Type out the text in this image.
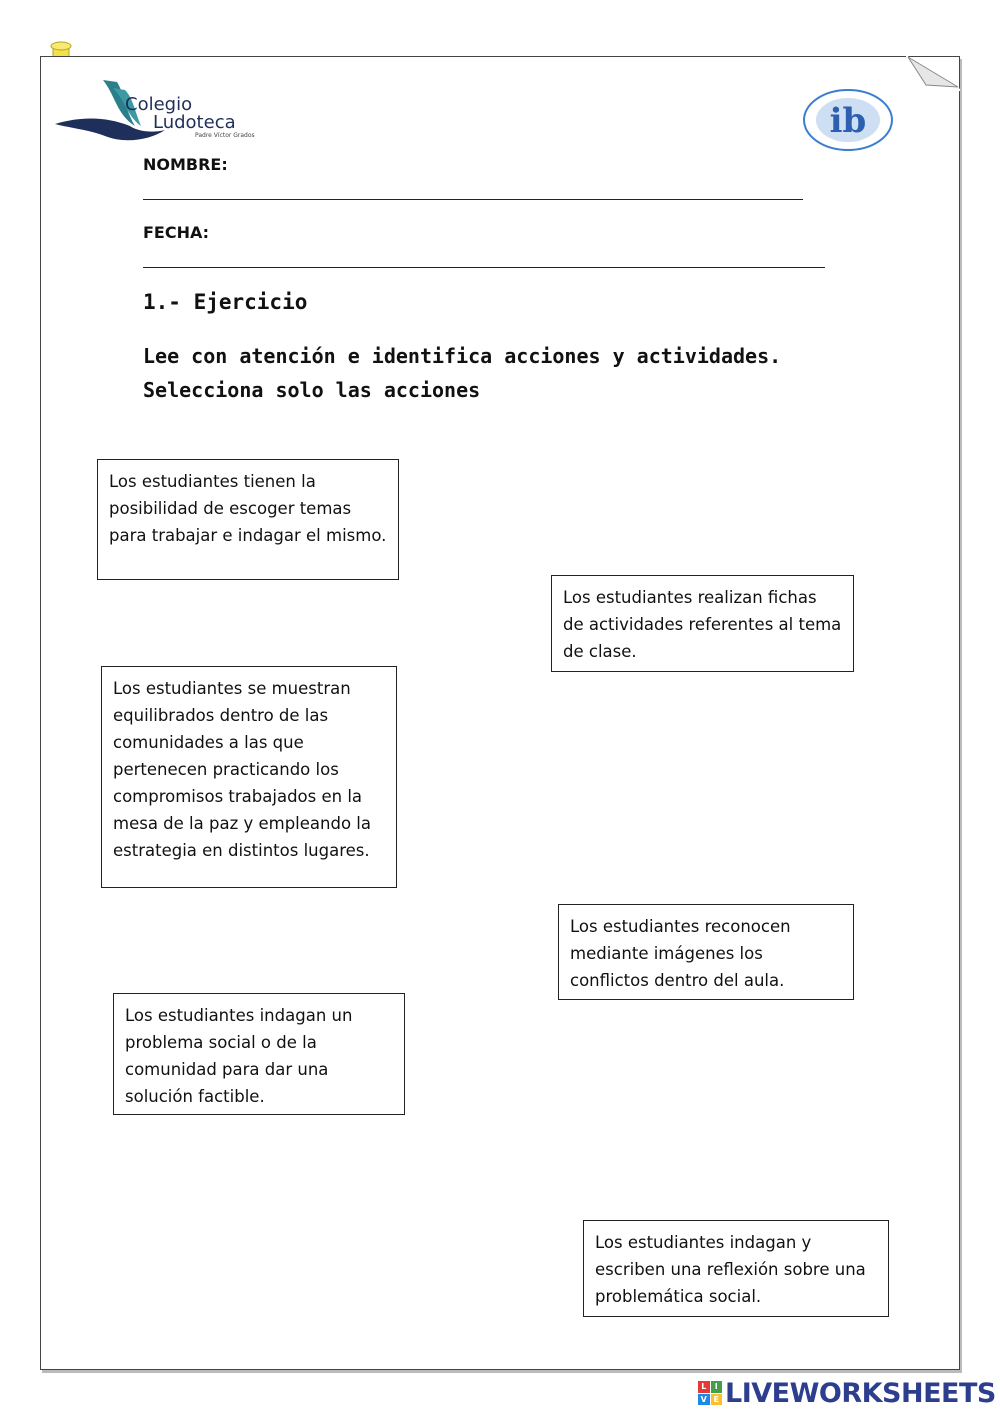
Colegio
Ludoteca
Padre Víctor Grados	ib
NOMBRE:
FECHA:
1.- Ejercicio
Lee con atención e identifica acciones y actividades.
Selecciona solo las acciones
Los estudiantes tienen la posibilidad de escoger temas para trabajar e indagar el mismo.
Los estudiantes realizan fichas de actividades referentes al tema de clase.
Los estudiantes se muestran equilibrados dentro de las comunidades a las que pertenecen practicando los compromisos trabajados en la mesa de la paz y empleando la estrategia en distintos lugares.
Los estudiantes reconocen mediante imágenes los conflictos dentro del aula.
Los estudiantes indagan un problema social o de la comunidad para dar una solución factible.
Los estudiantes indagan y escriben una reflexión sobre una problemática social.
L	I
V E LIVEWORKSHEETS
